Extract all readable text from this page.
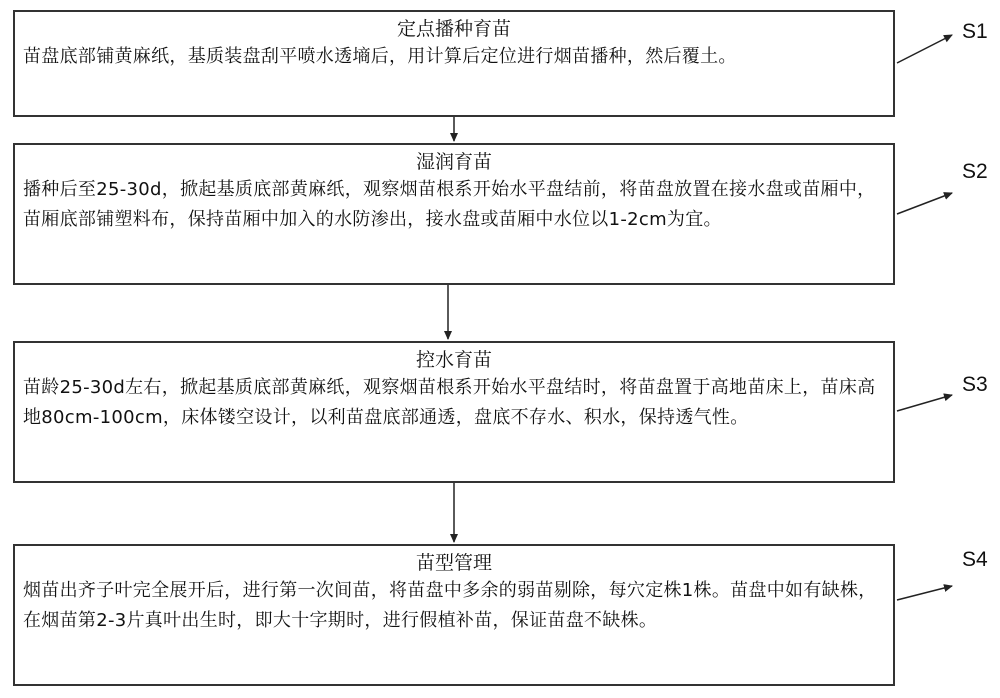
定点播种育苗
苗盘底部铺黄麻纸，基质装盘刮平喷水透墒后，用计算后定位进行烟苗播种，然后覆土。
湿润育苗
播种后至25-30d，掀起基质底部黄麻纸，观察烟苗根系开始水平盘结前，将苗盘放置在接水盘或苗厢中，苗厢底部铺塑料布，保持苗厢中加入的水防渗出，接水盘或苗厢中水位以1-2cm为宜。
控水育苗
苗龄25-30d左右，掀起基质底部黄麻纸，观察烟苗根系开始水平盘结时，将苗盘置于高地苗床上，苗床高地80cm-100cm，床体镂空设计，以利苗盘底部通透，盘底不存水、积水，保持透气性。
苗型管理
烟苗出齐子叶完全展开后，进行第一次间苗，将苗盘中多余的弱苗剔除，每穴定株1株。苗盘中如有缺株，在烟苗第2-3片真叶出生时，即大十字期时，进行假植补苗，保证苗盘不缺株。
S1
S2
S3
S4
